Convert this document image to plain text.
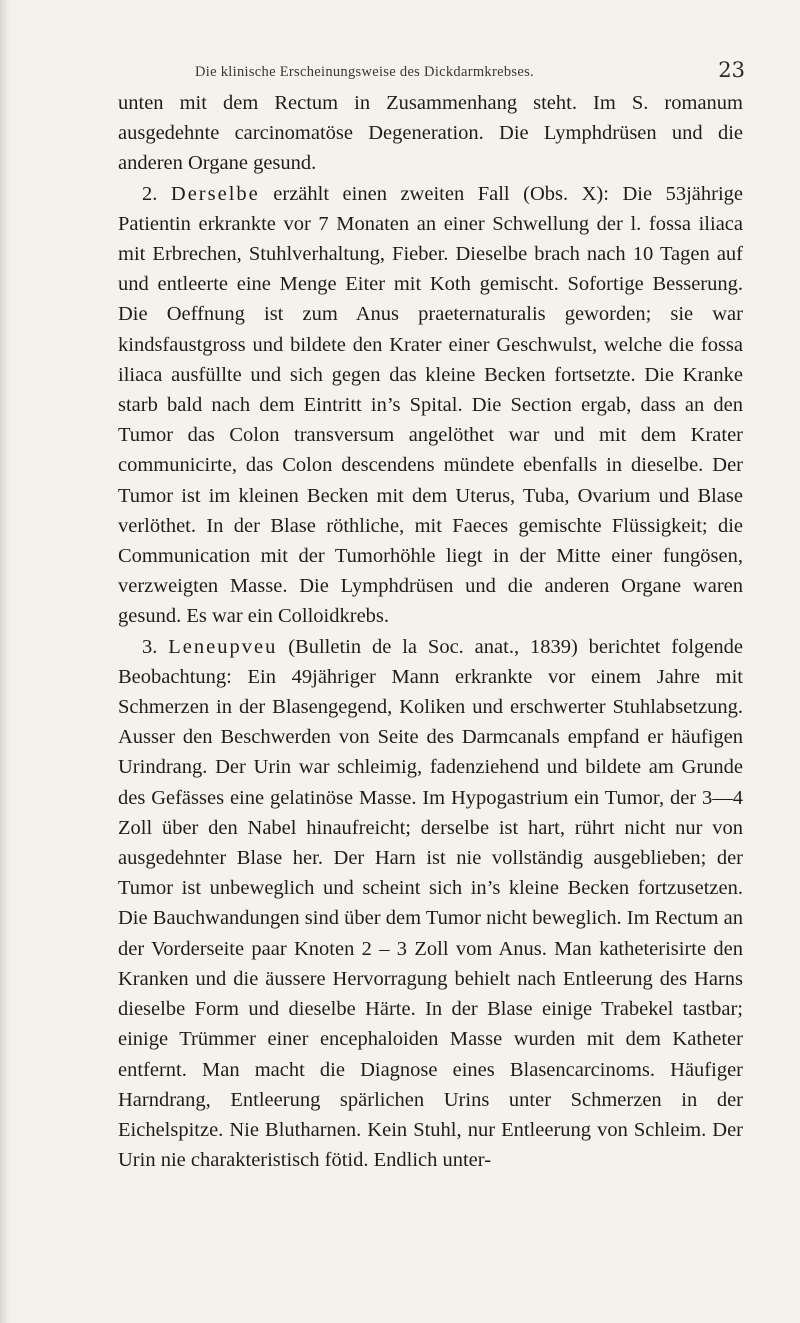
Die klinische Erscheinungsweise des Dickdarmkrebses.	23

unten mit dem Rectum in Zusammenhang steht. Im S. romanum ausgedehnte carcinomatöse Degeneration. Die Lymphdrüsen und die anderen Organe gesund.

2. Derselbe erzählt einen zweiten Fall (Obs. X): Die 53jährige Patientin erkrankte vor 7 Monaten an einer Schwellung der l. fossa iliaca mit Erbrechen, Stuhlverhaltung, Fieber. Dieselbe brach nach 10 Tagen auf und entleerte eine Menge Eiter mit Koth gemischt. Sofortige Besserung. Die Oeffnung ist zum Anus praeternaturalis geworden; sie war kindsfaustgross und bildete den Krater einer Geschwulst, welche die fossa iliaca ausfüllte und sich gegen das kleine Becken fortsetzte. Die Kranke starb bald nach dem Eintritt in’s Spital. Die Section ergab, dass an den Tumor das Colon transversum angelöthet war und mit dem Krater communicirte, das Colon descendens mündete ebenfalls in dieselbe. Der Tumor ist im kleinen Becken mit dem Uterus, Tuba, Ovarium und Blase verlöthet. In der Blase röthliche, mit Faeces gemischte Flüssigkeit; die Communication mit der Tumorhöhle liegt in der Mitte einer fungösen, verzweigten Masse. Die Lymphdrüsen und die anderen Organe waren gesund. Es war ein Colloidkrebs.

3. Leneupveu (Bulletin de la Soc. anat., 1839) berichtet folgende Beobachtung: Ein 49jähriger Mann erkrankte vor einem Jahre mit Schmerzen in der Blasengegend, Koliken und erschwerter Stuhlabsetzung. Ausser den Beschwerden von Seite des Darmcanals empfand er häufigen Urindrang. Der Urin war schleimig, fadenziehend und bildete am Grunde des Gefässes eine gelatinöse Masse. Im Hypogastrium ein Tumor, der 3—4 Zoll über den Nabel hinaufreicht; derselbe ist hart, rührt nicht nur von ausgedehnter Blase her. Der Harn ist nie vollständig ausgeblieben; der Tumor ist unbeweglich und scheint sich in’s kleine Becken fortzusetzen. Die Bauchwandungen sind über dem Tumor nicht beweglich. Im Rectum an der Vorderseite paar Knoten 2 – 3 Zoll vom Anus. Man katheterisirte den Kranken und die äussere Hervorragung behielt nach Entleerung des Harns dieselbe Form und dieselbe Härte. In der Blase einige Trabekel tastbar; einige Trümmer einer encephaloiden Masse wurden mit dem Katheter entfernt. Man macht die Diagnose eines Blasencarcinoms. Häufiger Harndrang, Entleerung spärlichen Urins unter Schmerzen in der Eichelspitze. Nie Blutharnen. Kein Stuhl, nur Entleerung von Schleim. Der Urin nie charakteristisch fötid. Endlich unter-
